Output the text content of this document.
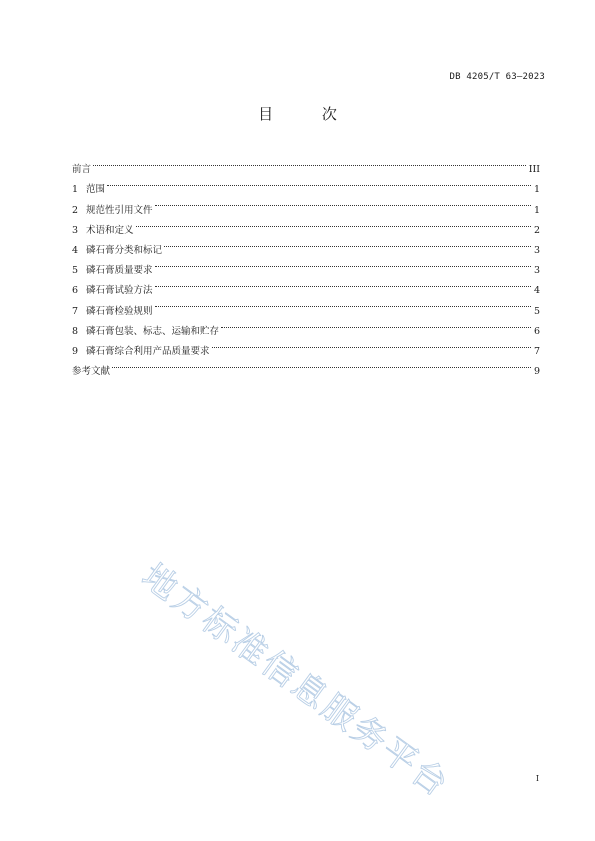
DB 4205/T 63—2023
目 次
前言	III
1 范围	1
2 规范性引用文件	1
3 术语和定义	2
4 磷石膏分类和标记	3
5 磷石膏质量要求	3
6 磷石膏试验方法	4
7 磷石膏检验规则	5
8 磷石膏包装、标志、运输和贮存	6
9 磷石膏综合利用产品质量要求	7
参考文献	9
地方标准信息服务平台	I
